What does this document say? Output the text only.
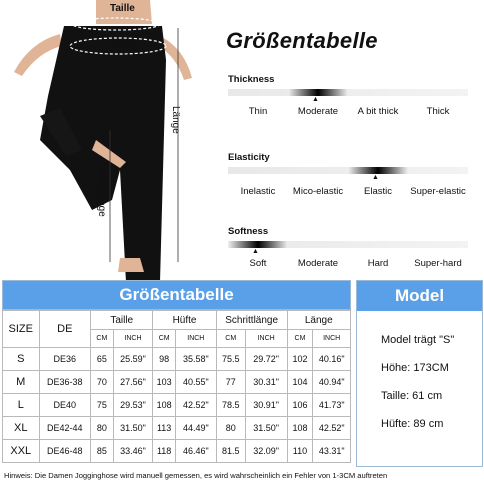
Taille
Hüfte
Länge
Schrittlänge
Größentabelle
Thickness
▲
Thin	Moderate	A bit thick	Thick
Elasticity
▲
Inelastic	Mico-elastic	Elastic	Super-elastic
Softness
▲
Soft	Moderate	Hard	Super-hard
Größentabelle
SIZE	DE	Taille		Hüfte		Schrittlänge		Länge	
		CM	INCH	CM	INCH	CM	INCH	CM	INCH
S	DE36	65	25.59"	98	35.58"	75.5	29.72"	102	40.16"
M	DE36-38	70	27.56"	103	40.55"	77	30.31"	104	40.94"
L	DE40	75	29.53"	108	42.52"	78.5	30.91"	106	41.73"
XL	DE42-44	80	31.50"	113	44.49"	80	31.50"	108	42.52"
XXL	DE46-48	85	33.46"	118	46.46"	81.5	32.09"	110	43.31"
Model
Model trägt "S"
Höhe: 173CM
Taille: 61 cm
Hüfte: 89 cm
Hinweis: Die Damen Jogginghose wird manuell gemessen, es wird wahrscheinlich ein Fehler von 1-3CM auftreten
